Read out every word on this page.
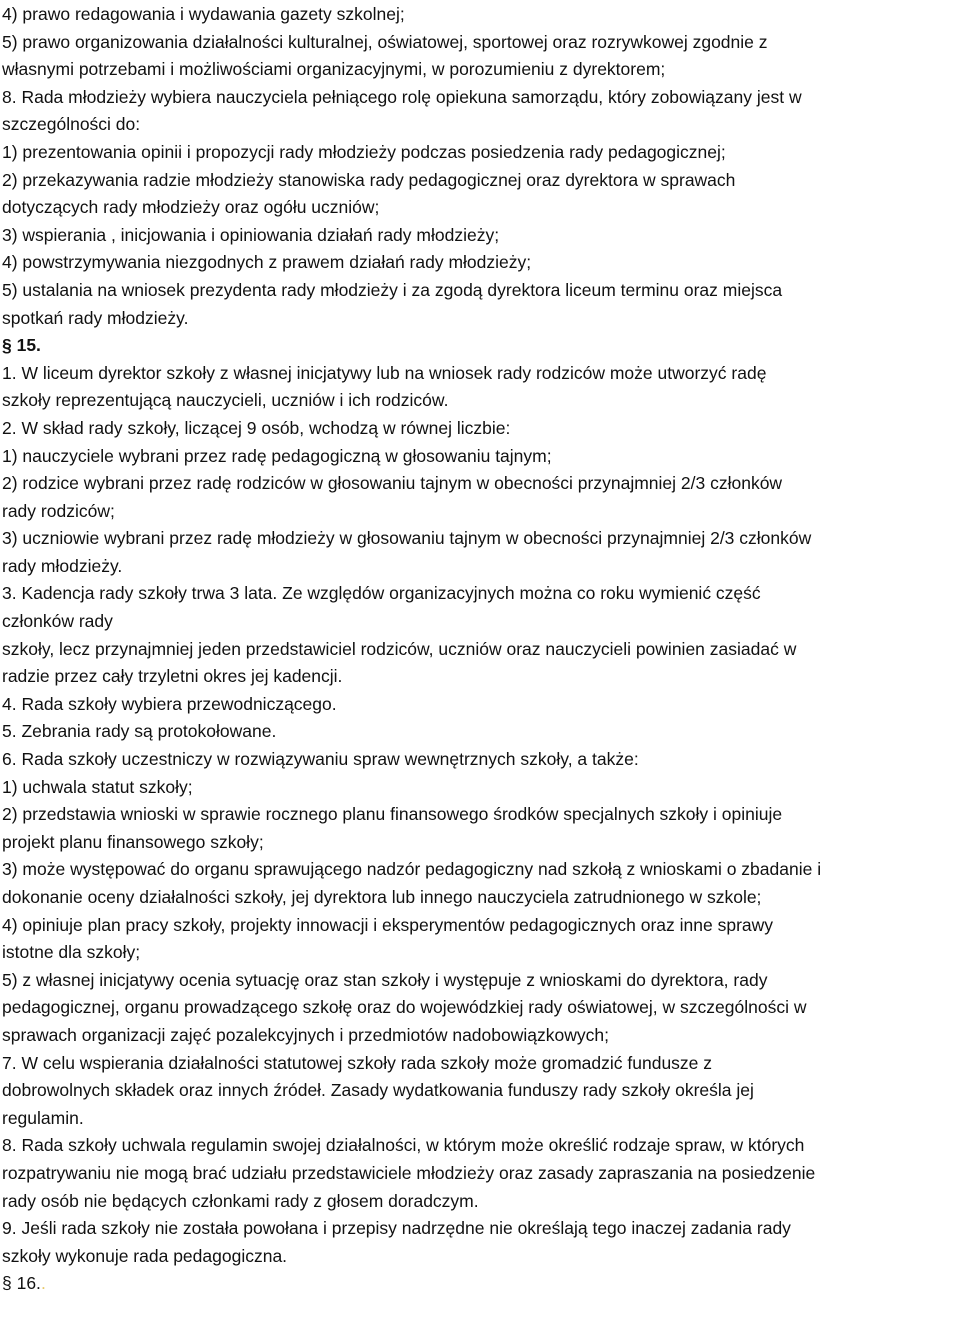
4) prawo redagowania i wydawania gazety szkolnej;
5) prawo organizowania działalności kulturalnej, oświatowej, sportowej oraz rozrywkowej zgodnie z
własnymi potrzebami i możliwościami organizacyjnymi, w porozumieniu z dyrektorem;
8. Rada młodzieży wybiera nauczyciela pełniącego rolę opiekuna samorządu, który zobowiązany jest w
szczególności do:
1) prezentowania opinii i propozycji rady młodzieży podczas posiedzenia rady pedagogicznej;
2) przekazywania radzie młodzieży stanowiska rady pedagogicznej oraz dyrektora w sprawach
dotyczących rady młodzieży oraz ogółu uczniów;
3) wspierania , inicjowania i opiniowania działań rady młodzieży;
4) powstrzymywania niezgodnych z prawem działań rady młodzieży;
5) ustalania na wniosek prezydenta rady młodzieży i za zgodą dyrektora liceum terminu oraz miejsca
spotkań rady młodzieży.
§ 15.
1. W liceum dyrektor szkoły z własnej inicjatywy lub na wniosek rady rodziców może utworzyć radę
szkoły reprezentującą nauczycieli, uczniów i ich rodziców.
2. W skład rady szkoły, liczącej 9 osób, wchodzą w równej liczbie:
1) nauczyciele wybrani przez radę pedagogiczną w głosowaniu tajnym;
2) rodzice wybrani przez radę rodziców w głosowaniu tajnym w obecności przynajmniej 2/3 członków
rady rodziców;
3) uczniowie wybrani przez radę młodzieży w głosowaniu tajnym w obecności przynajmniej 2/3 członków
rady młodzieży.
3. Kadencja rady szkoły trwa 3 lata. Ze względów organizacyjnych można co roku wymienić część
członków rady
szkoły, lecz przynajmniej jeden przedstawiciel rodziców, uczniów oraz nauczycieli powinien zasiadać w
radzie przez cały trzyletni okres jej kadencji.
4. Rada szkoły wybiera przewodniczącego.
5. Zebrania rady są protokołowane.
6. Rada szkoły uczestniczy w rozwiązywaniu spraw wewnętrznych szkoły, a także:
1) uchwala statut szkoły;
2) przedstawia wnioski w sprawie rocznego planu finansowego środków specjalnych szkoły i opiniuje
projekt planu finansowego szkoły;
3) może występować do organu sprawującego nadzór pedagogiczny nad szkołą z wnioskami o zbadanie i
dokonanie oceny działalności szkoły, jej dyrektora lub innego nauczyciela zatrudnionego w szkole;
4) opiniuje plan pracy szkoły, projekty innowacji i eksperymentów pedagogicznych oraz inne sprawy
istotne dla szkoły;
5) z własnej inicjatywy ocenia sytuację oraz stan szkoły i występuje z wnioskami do dyrektora, rady
pedagogicznej, organu prowadzącego szkołę oraz do wojewódzkiej rady oświatowej, w szczególności w
sprawach organizacji zajęć pozalekcyjnych i przedmiotów nadobowiązkowych;
7. W celu wspierania działalności statutowej szkoły rada szkoły może gromadzić fundusze z
dobrowolnych składek oraz innych źródeł. Zasady wydatkowania funduszy rady szkoły określa jej
regulamin.
8. Rada szkoły uchwala regulamin swojej działalności, w którym może określić rodzaje spraw, w których
rozpatrywaniu nie mogą brać udziału przedstawiciele młodzieży oraz zasady zapraszania na posiedzenie
rady osób nie będących członkami rady z głosem doradczym.
9. Jeśli rada szkoły nie została powołana i przepisy nadrzędne nie określają tego inaczej zadania rady
szkoły wykonuje rada pedagogiczna.
§ 16..
